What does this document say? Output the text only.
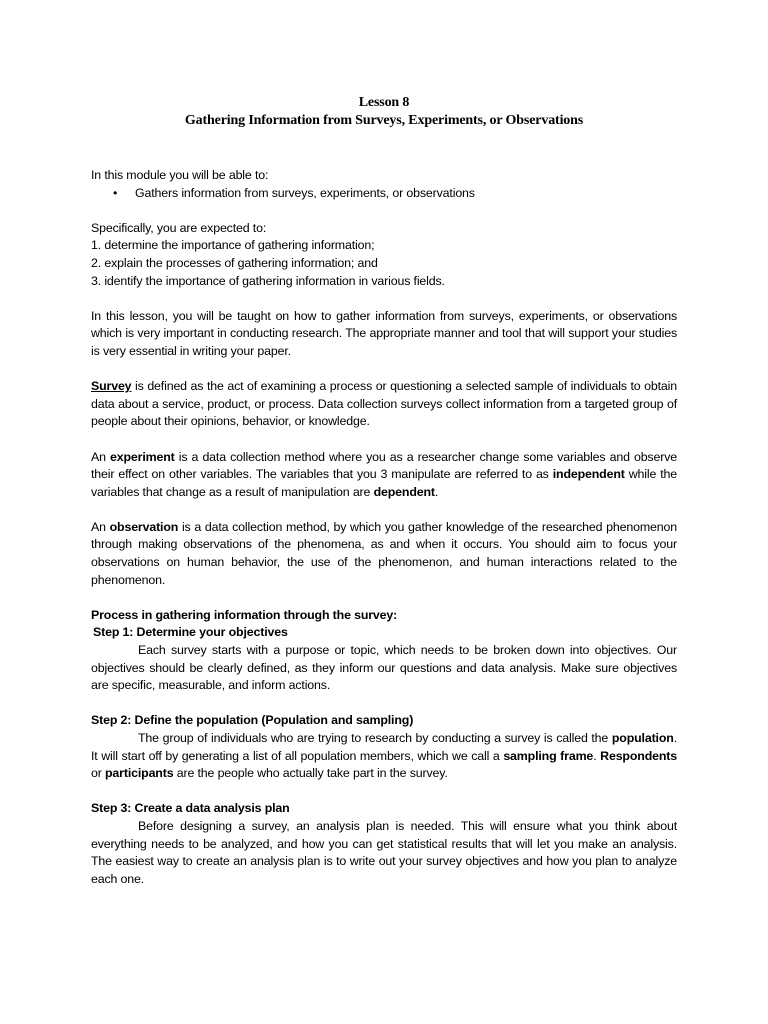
Lesson 8
Gathering Information from Surveys, Experiments, or Observations

In this module you will be able to:

•	Gathers information from surveys, experiments, or observations

Specifically, you are expected to:

1. determine the importance of gathering information;

2. explain the processes of gathering information; and

3. identify the importance of gathering information in various fields.

In this lesson, you will be taught on how to gather information from surveys, experiments, or observations which is very important in conducting research. The appropriate manner and tool that will support your studies is very essential in writing your paper.

Survey is defined as the act of examining a process or questioning a selected sample of individuals to obtain data about a service, product, or process. Data collection surveys collect information from a targeted group of people about their opinions, behavior, or knowledge.

An experiment is a data collection method where you as a researcher change some variables and observe their effect on other variables. The variables that you 3 manipulate are referred to as independent while the variables that change as a result of manipulation are dependent.

An observation is a data collection method, by which you gather knowledge of the researched phenomenon through making observations of the phenomena, as and when it occurs. You should aim to focus your observations on human behavior, the use of the phenomenon, and human interactions related to the phenomenon.

Process in gathering information through the survey:

Step 1: Determine your objectives

Each survey starts with a purpose or topic, which needs to be broken down into objectives. Our objectives should be clearly defined, as they inform our questions and data analysis. Make sure objectives are specific, measurable, and inform actions.

Step 2: Define the population (Population and sampling)

The group of individuals who are trying to research by conducting a survey is called the population. It will start off by generating a list of all population members, which we call a sampling frame. Respondents or participants are the people who actually take part in the survey.

Step 3: Create a data analysis plan

Before designing a survey, an analysis plan is needed. This will ensure what you think about everything needs to be analyzed, and how you can get statistical results that will let you make an analysis. The easiest way to create an analysis plan is to write out your survey objectives and how you plan to analyze each one.
